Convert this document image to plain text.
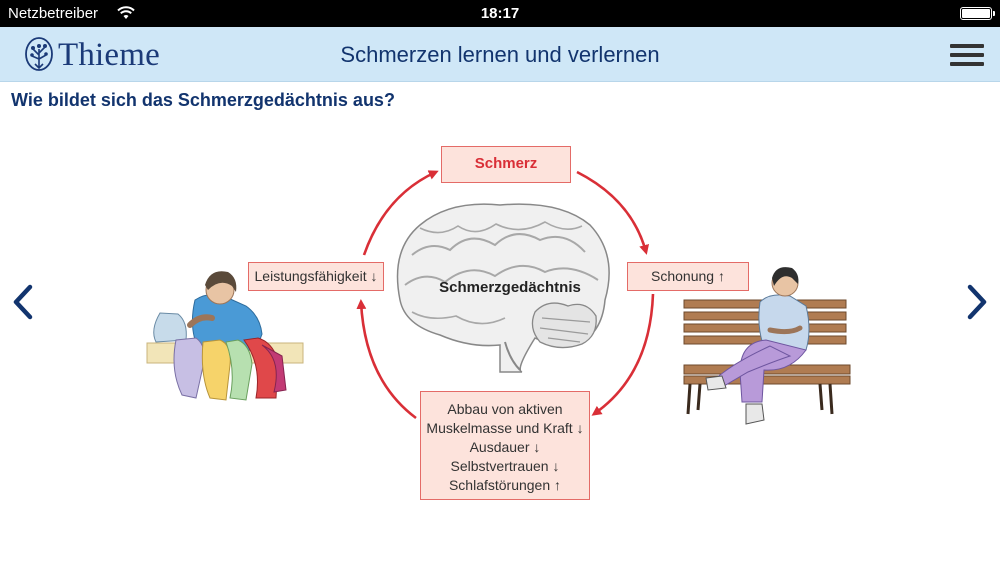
Netzbetreiber	18:17
Thieme	Schmerzen lernen und verlernen
Wie bildet sich das Schmerzgedächtnis aus?
Schmerz
Leistungsfähigkeit ↓	Schonung ↑
Abbau von aktiven
Muskelmasse und Kraft ↓
Ausdauer ↓
Selbstvertrauen ↓
Schlafstörungen ↑
Schmerzgedächtnis
